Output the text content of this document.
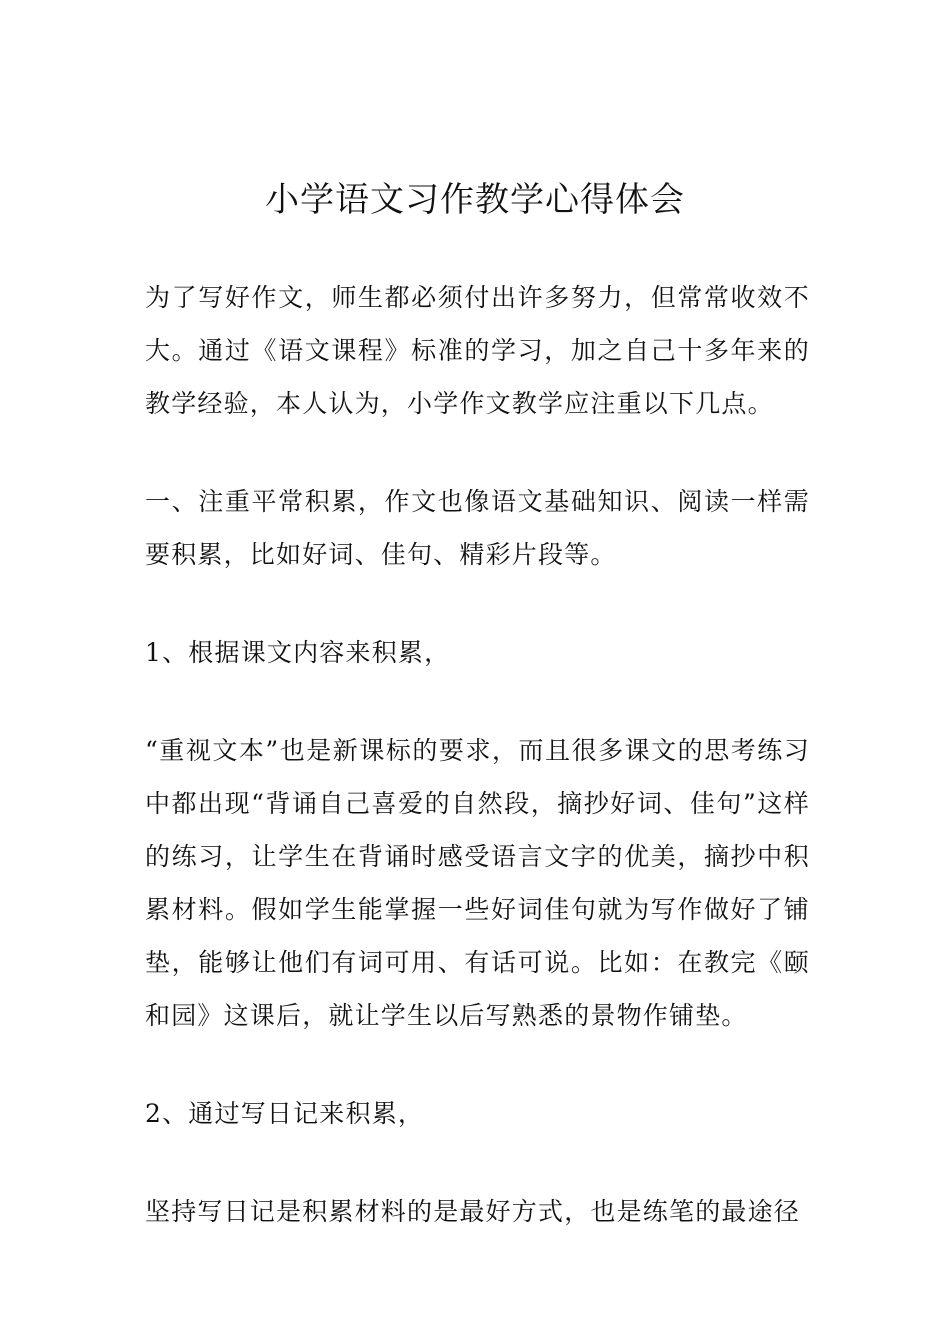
小学语文习作教学心得体会

为了写好作文，师生都必须付出许多努力，但常常收效不大。通过《语文课程》标准的学习，加之自己十多年来的教学经验，本人认为，小学作文教学应注重以下几点。

一、注重平常积累，作文也像语文基础知识、阅读一样需要积累，比如好词、佳句、精彩片段等。

1、根据课文内容来积累，

“重视文本”也是新课标的要求，而且很多课文的思考练习中都出现“背诵自己喜爱的自然段，摘抄好词、佳句”这样的练习，让学生在背诵时感受语言文字的优美，摘抄中积累材料。假如学生能掌握一些好词佳句就为写作做好了铺垫，能够让他们有词可用、有话可说。比如：在教完《颐和园》这课后，就让学生以后写熟悉的景物作铺垫。

2、通过写日记来积累，

坚持写日记是积累材料的是最好方式，也是练笔的最途径
